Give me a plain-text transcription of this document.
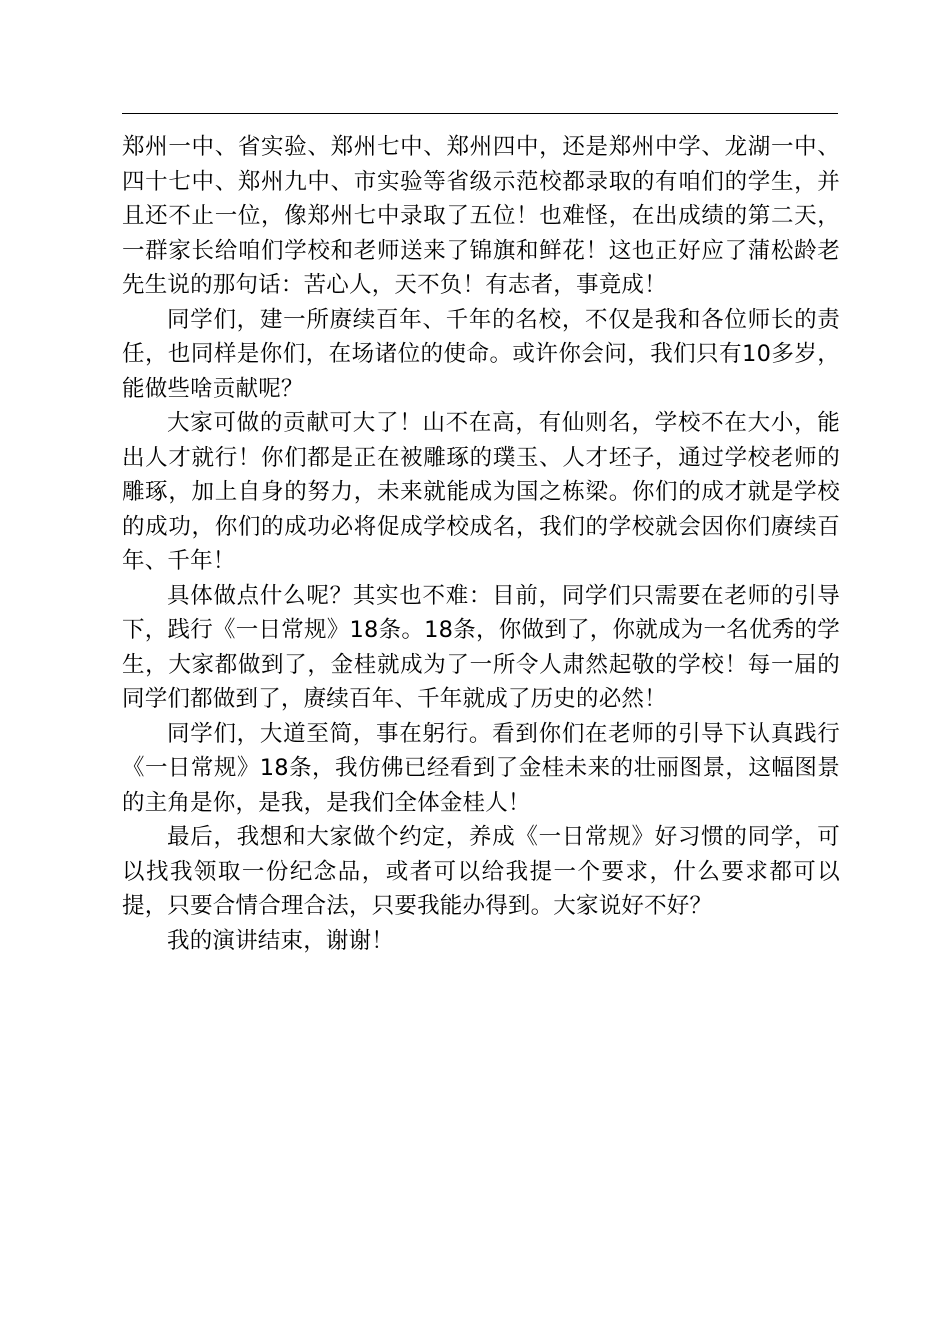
郑州一中、省实验、郑州七中、郑州四中，还是郑州中学、龙湖一中、四十七中、郑州九中、市实验等省级示范校都录取的有咱们的学生，并且还不止一位，像郑州七中录取了五位！也难怪，在出成绩的第二天，一群家长给咱们学校和老师送来了锦旗和鲜花！这也正好应了蒲松龄老先生说的那句话：苦心人，天不负！有志者，事竟成！

同学们，建一所赓续百年、千年的名校，不仅是我和各位师长的责任，也同样是你们，在场诸位的使命。或许你会问，我们只有10多岁，能做些啥贡献呢？

大家可做的贡献可大了！山不在高，有仙则名，学校不在大小，能出人才就行！你们都是正在被雕琢的璞玉、人才坯子，通过学校老师的雕琢，加上自身的努力，未来就能成为国之栋梁。你们的成才就是学校的成功，你们的成功必将促成学校成名，我们的学校就会因你们赓续百年、千年！

具体做点什么呢？其实也不难：目前，同学们只需要在老师的引导下，践行《一日常规》18条。18条，你做到了，你就成为一名优秀的学生，大家都做到了，金桂就成为了一所令人肃然起敬的学校！每一届的同学们都做到了，赓续百年、千年就成了历史的必然！

同学们，大道至简，事在躬行。看到你们在老师的引导下认真践行《一日常规》18条，我仿佛已经看到了金桂未来的壮丽图景，这幅图景的主角是你，是我，是我们全体金桂人！

最后，我想和大家做个约定，养成《一日常规》好习惯的同学，可以找我领取一份纪念品，或者可以给我提一个要求，什么要求都可以提，只要合情合理合法，只要我能办得到。大家说好不好？

我的演讲结束，谢谢！
